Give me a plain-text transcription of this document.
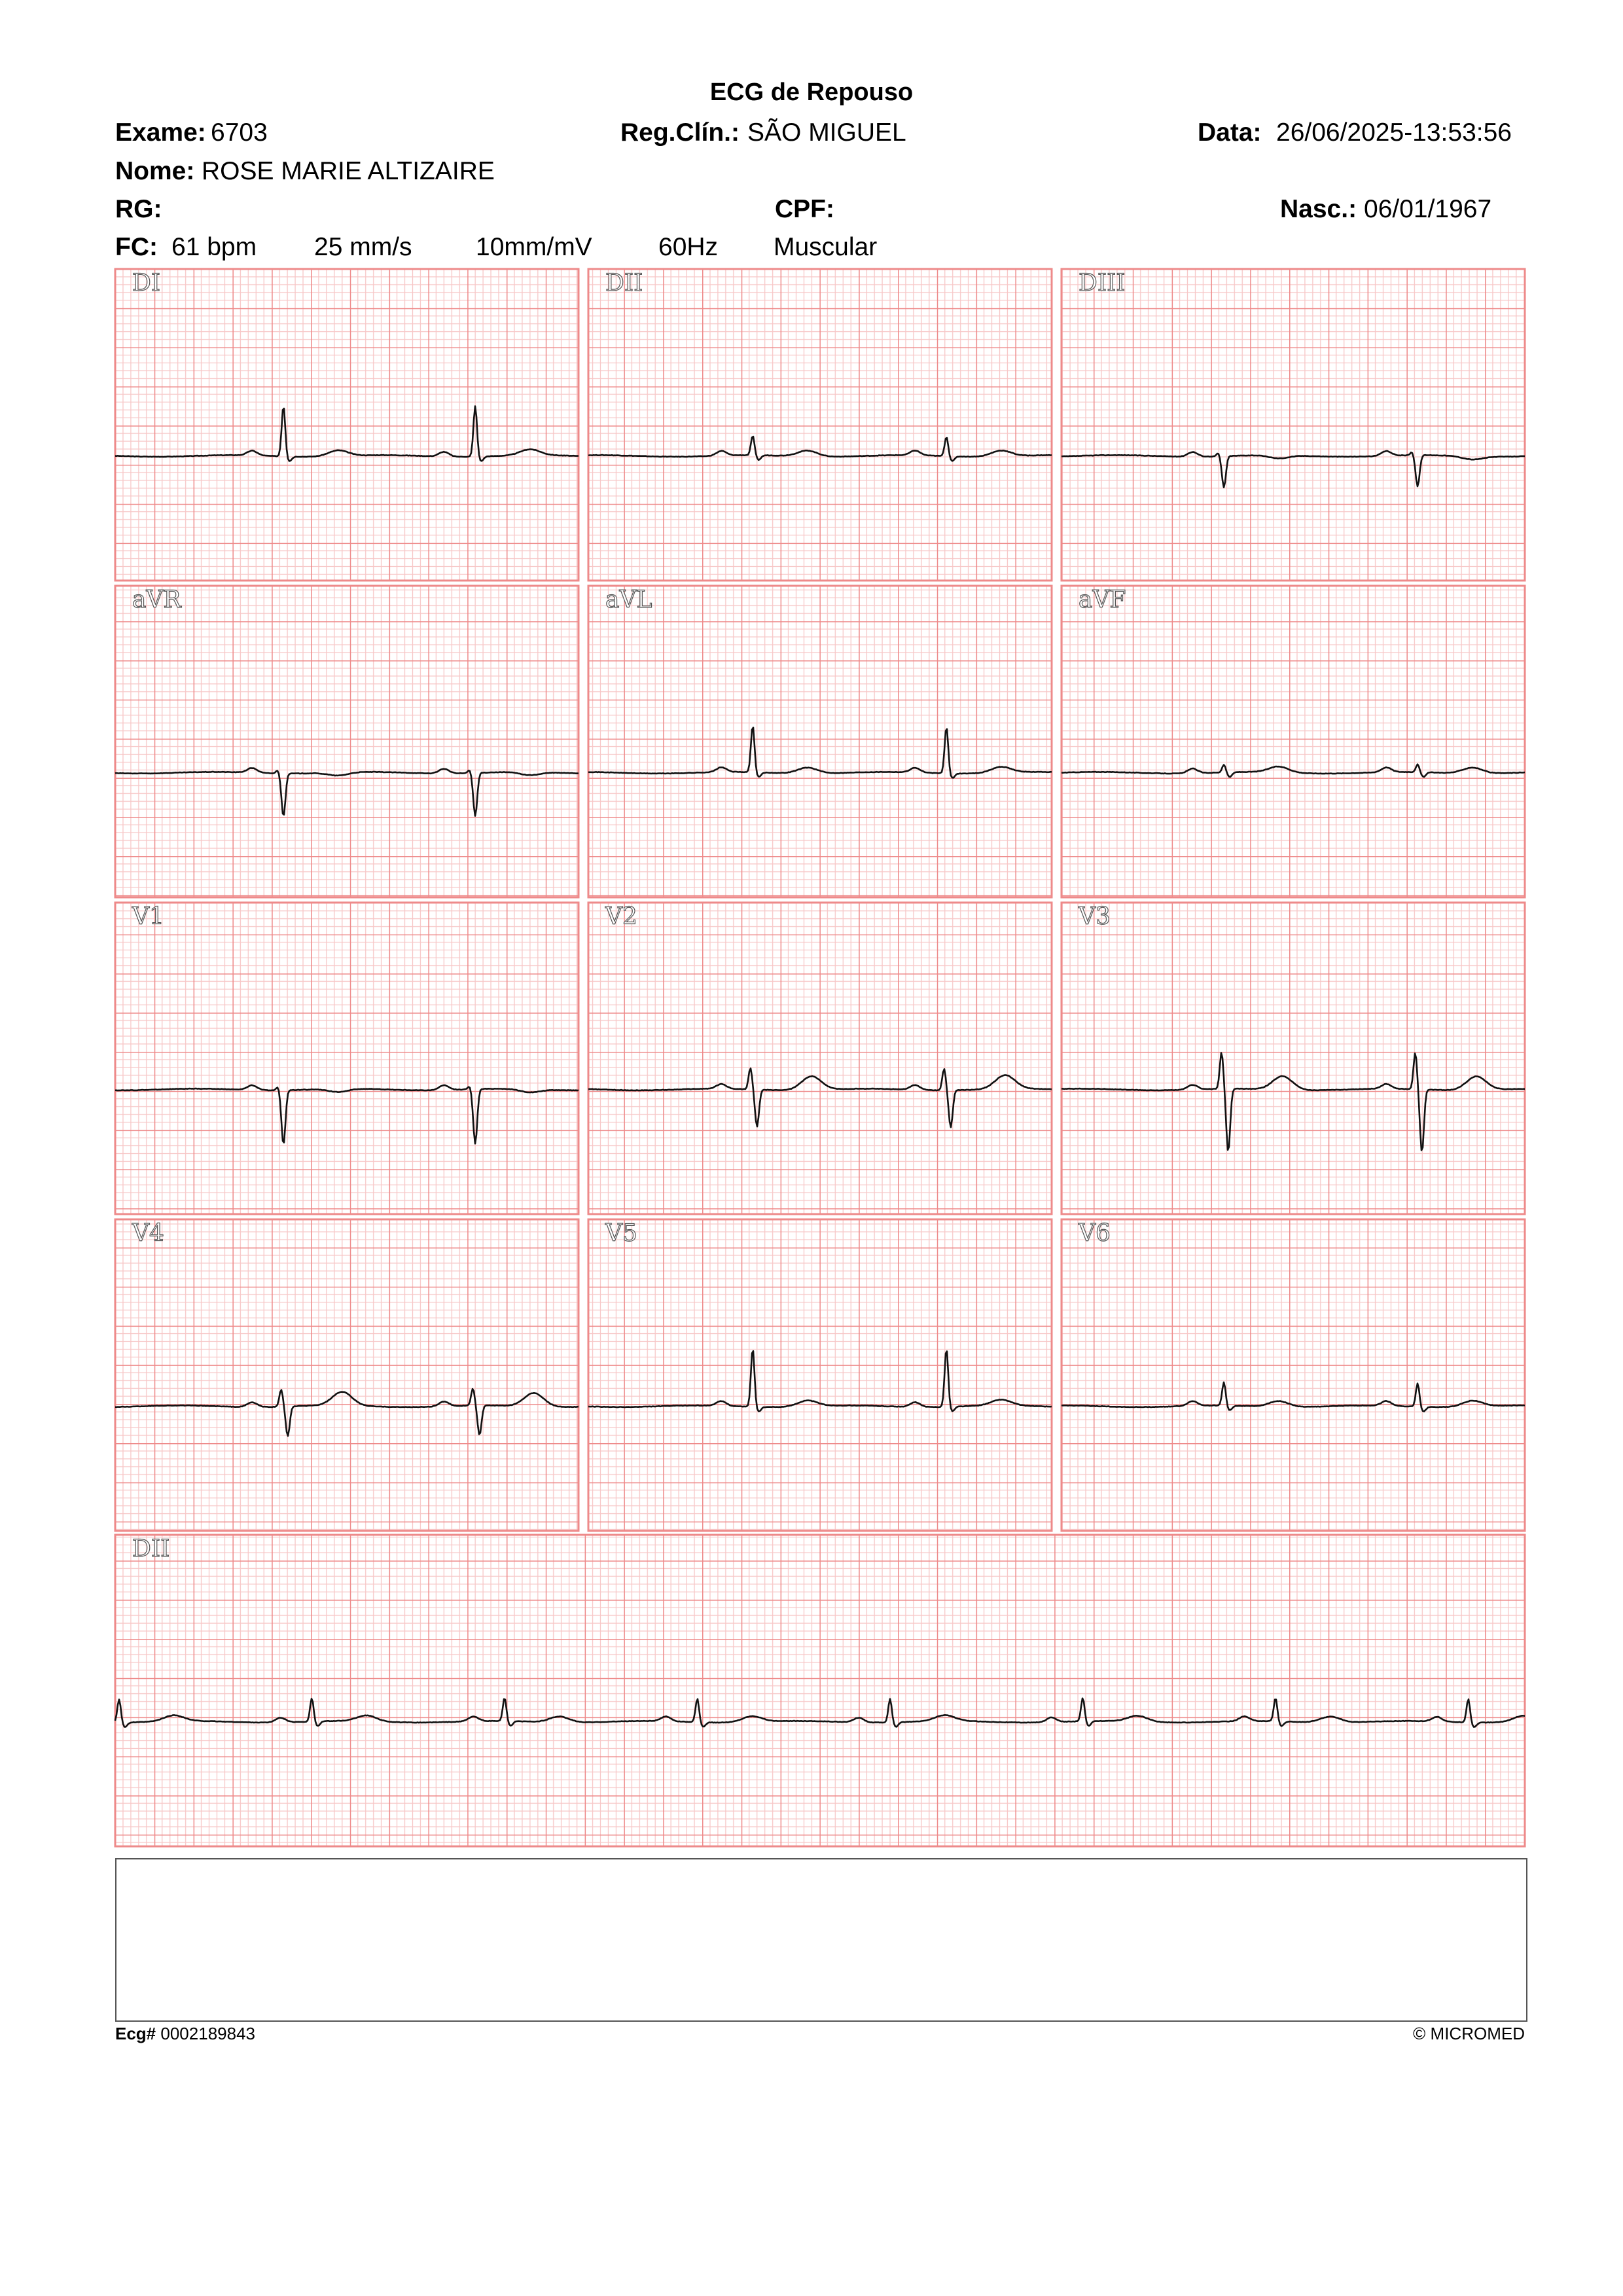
ECG de Repouso
Exame: 6703	Reg.Clín.: SÃO MIGUEL	Data: 26/06/2025-13:53:56
Nome: ROSE MARIE ALTIZAIRE
RG:	CPF:	Nasc.: 06/01/1967
FC: 61 bpm 25 mm/s 10mm/mV	60Hz Muscular
DI	DII	DIII
aVR	aVL	aVF
V1	V2	V3
V4	V5	V6
DII
Ecg# 0002189843	© MICROMED
